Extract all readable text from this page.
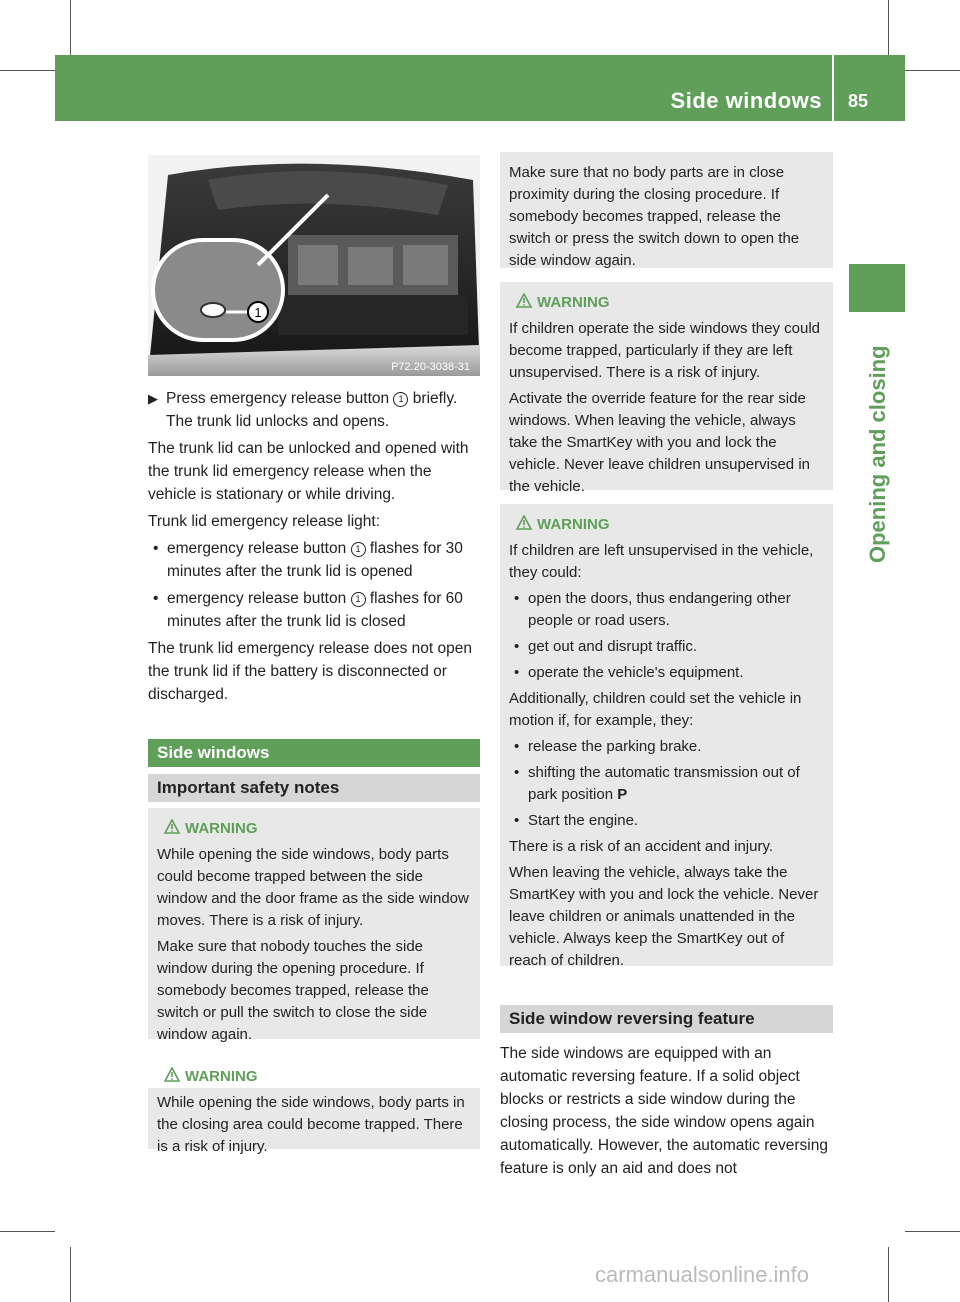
Side windows 85
Opening and closing
1
P72.20-3038-31

▶ Press emergency release button 1 briefly.
The trunk lid unlocks and opens.

The trunk lid can be unlocked and opened with the trunk lid emergency release when the vehicle is stationary or while driving.

Trunk lid emergency release light:

• emergency release button 1 flashes for 30 minutes after the trunk lid is opened

• emergency release button 1 flashes for 60 minutes after the trunk lid is closed

The trunk lid emergency release does not open the trunk lid if the battery is disconnected or discharged.

Side windows
Important safety notes
WARNING

While opening the side windows, body parts could become trapped between the side window and the door frame as the side window moves. There is a risk of injury.

Make sure that nobody touches the side window during the opening procedure. If somebody becomes trapped, release the switch or pull the switch to close the side window again.

WARNING

While opening the side windows, body parts in the closing area could become trapped. There is a risk of injury.

Make sure that no body parts are in close proximity during the closing procedure. If somebody becomes trapped, release the switch or press the switch down to open the side window again.

WARNING

If children operate the side windows they could become trapped, particularly if they are left unsupervised. There is a risk of injury.

Activate the override feature for the rear side windows. When leaving the vehicle, always take the SmartKey with you and lock the vehicle. Never leave children unsupervised in the vehicle.

WARNING

If children are left unsupervised in the vehicle, they could:

• open the doors, thus endangering other people or road users.

• get out and disrupt traffic.

• operate the vehicle's equipment.

Additionally, children could set the vehicle in motion if, for example, they:

• release the parking brake.

• shifting the automatic transmission out of park position P

• Start the engine.

There is a risk of an accident and injury.

When leaving the vehicle, always take the SmartKey with you and lock the vehicle. Never leave children or animals unattended in the vehicle. Always keep the SmartKey out of reach of children.

Side window reversing feature

The side windows are equipped with an automatic reversing feature. If a solid object blocks or restricts a side window during the closing process, the side window opens again automatically. However, the automatic reversing feature is only an aid and does not

carmanualsonline.info
